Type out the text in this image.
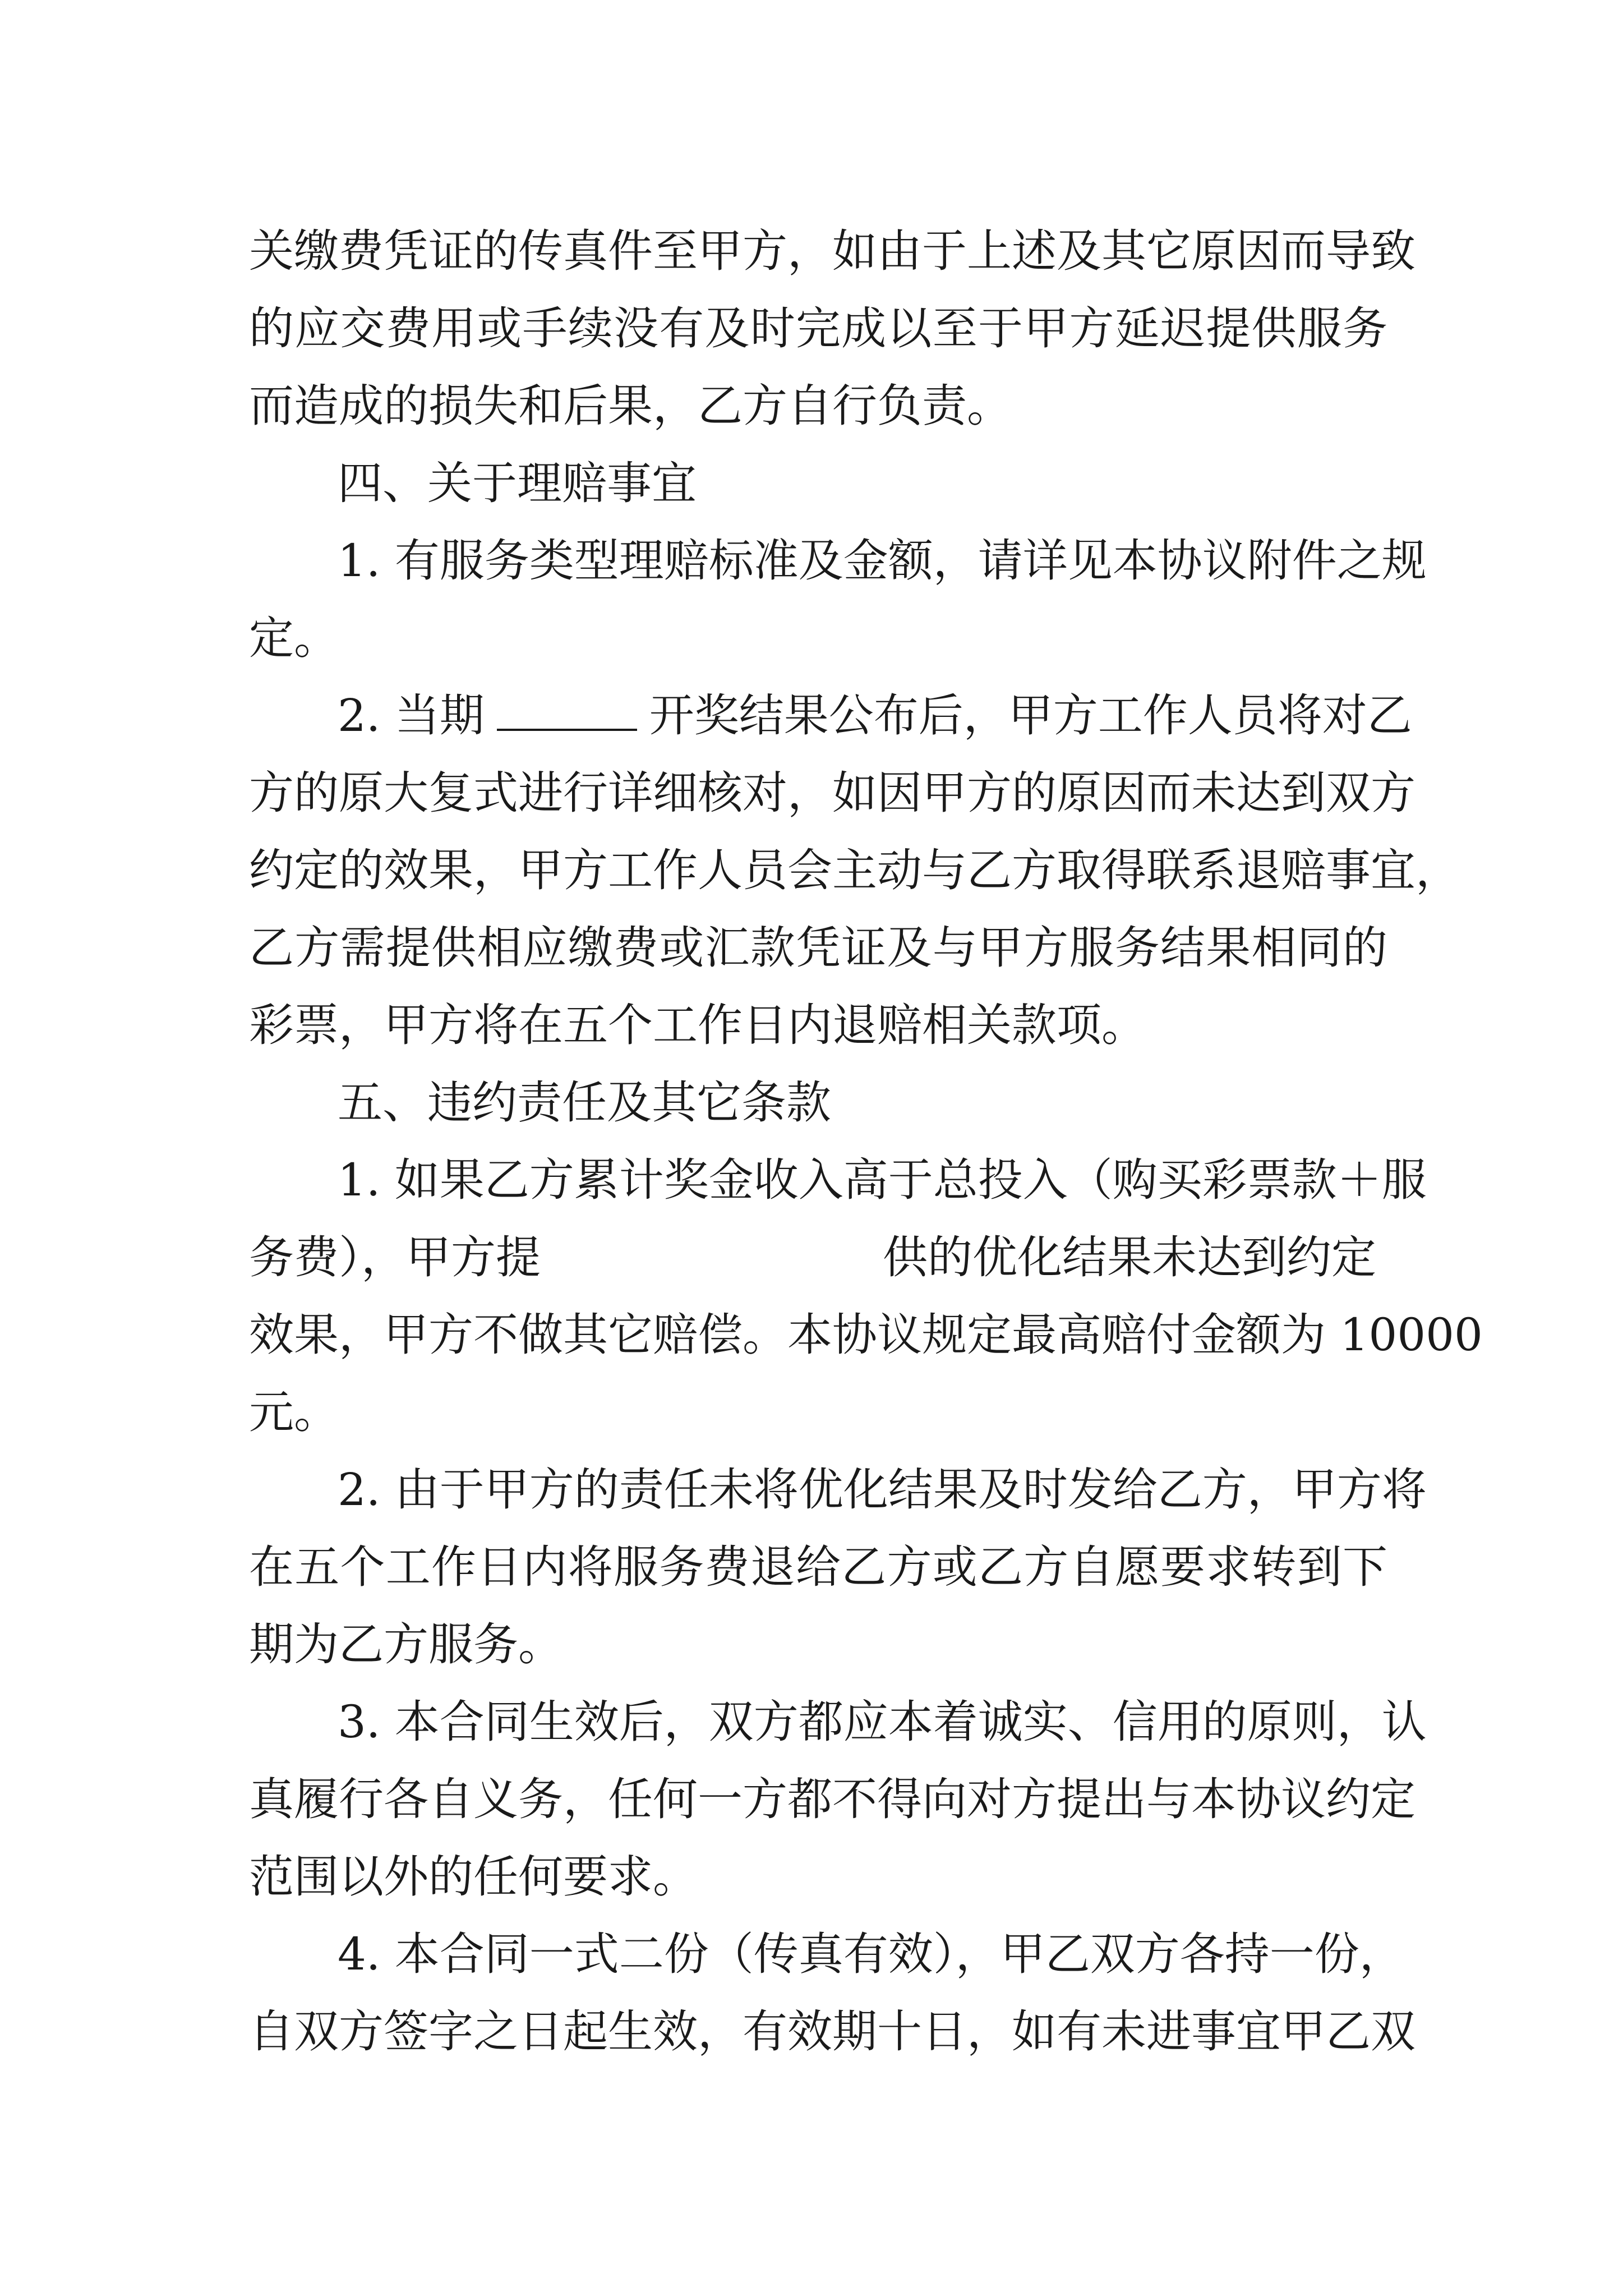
关缴费凭证的传真件至甲方，如由于上述及其它原因而导致
的应交费用或手续没有及时完成以至于甲方延迟提供服务
而造成的损失和后果，乙方自行负责。
四、关于理赔事宜
1. 有服务类型理赔标准及金额，请详见本协议附件之规
定。
2. 当期	开奖结果公布后，甲方工作人员将对乙
方的原大复式进行详细核对，如因甲方的原因而未达到双方
约定的效果，甲方工作人员会主动与乙方取得联系退赔事宜，
乙方需提供相应缴费或汇款凭证及与甲方服务结果相同的
彩票，甲方将在五个工作日内退赔相关款项。
五、违约责任及其它条款
1. 如果乙方累计奖金收入高于总投入（购买彩票款＋服
务费），甲方提	供的优化结果未达到约定
效果，甲方不做其它赔偿。本协议规定最高赔付金额为 10000
元。
2. 由于甲方的责任未将优化结果及时发给乙方，甲方将
在五个工作日内将服务费退给乙方或乙方自愿要求转到下
期为乙方服务。
3. 本合同生效后，双方都应本着诚实、信用的原则，认
真履行各自义务，任何一方都不得向对方提出与本协议约定
范围以外的任何要求。
4. 本合同一式二份（传真有效），甲乙双方各持一份，
自双方签字之日起生效，有效期十日，如有未进事宜甲乙双
